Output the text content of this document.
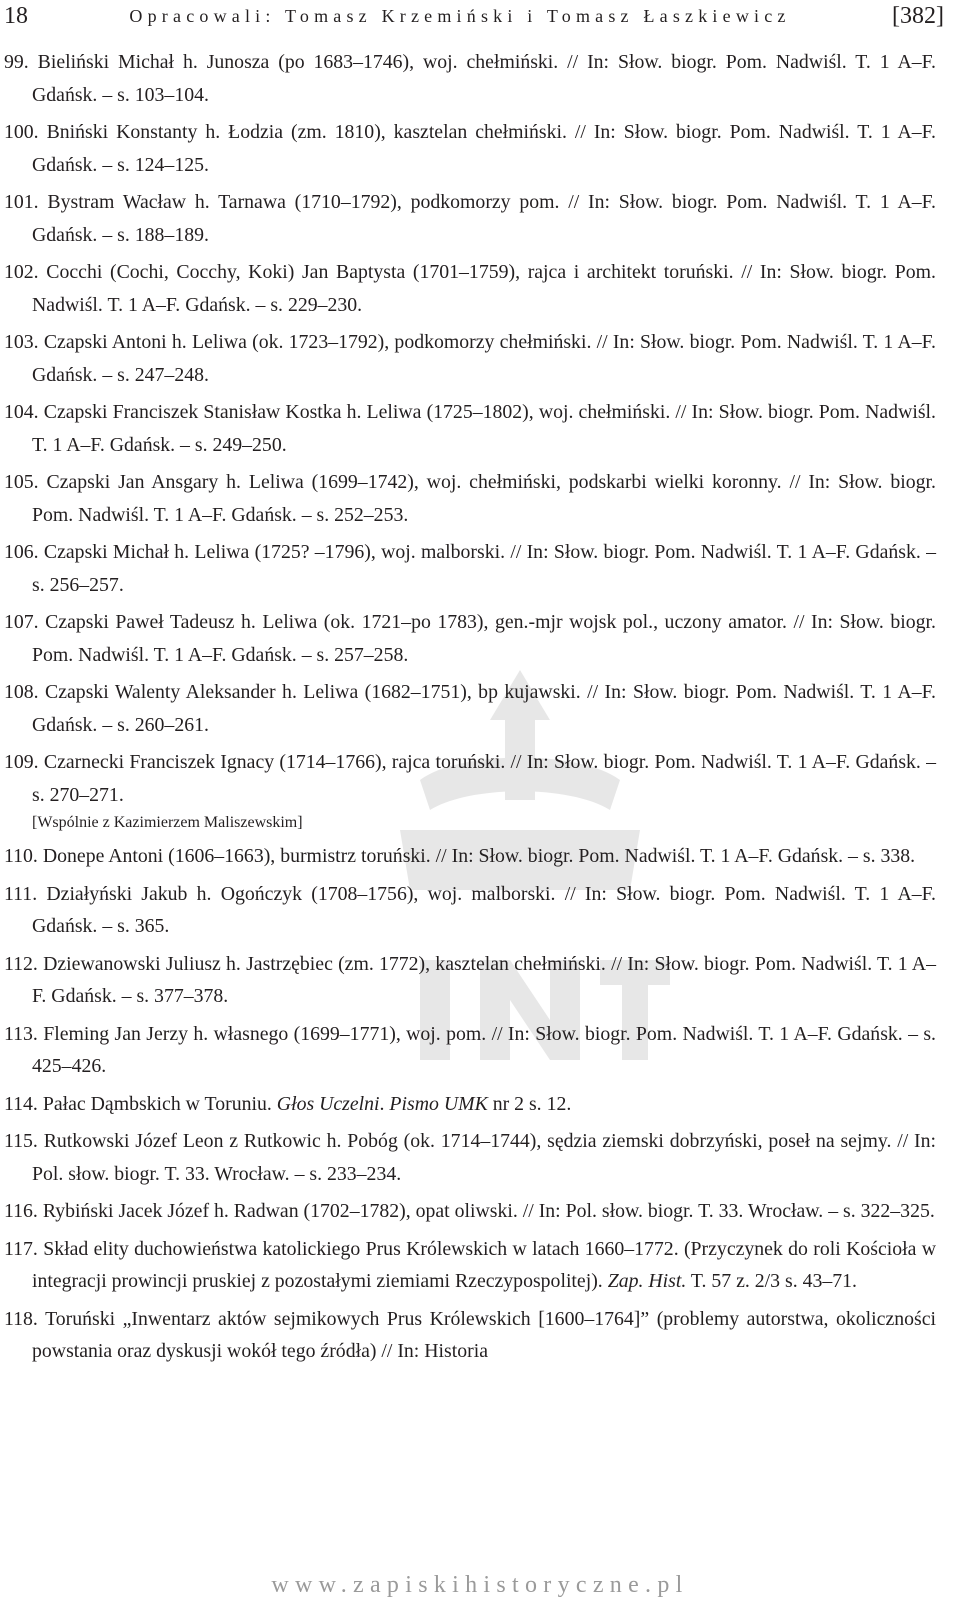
18	Opracowali: Tomasz Krzemiński i Tomasz Łaszkiewicz	[382]
99. Bieliński Michał h. Junosza (po 1683–1746), woj. chełmiński. // In: Słow. biogr. Pom. Nadwiśl. T. 1 A–F. Gdańsk. – s. 103–104.
100. Bniński Konstanty h. Łodzia (zm. 1810), kasztelan chełmiński. // In: Słow. biogr. Pom. Nadwiśl. T. 1 A–F. Gdańsk. – s. 124–125.
101. Bystram Wacław h. Tarnawa (1710–1792), podkomorzy pom. // In: Słow. biogr. Pom. Nadwiśl. T. 1 A–F. Gdańsk. – s. 188–189.
102. Cocchi (Cochi, Cocchy, Koki) Jan Baptysta (1701–1759), rajca i architekt toruński. // In: Słow. biogr. Pom. Nadwiśl. T. 1 A–F. Gdańsk. – s. 229–230.
103. Czapski Antoni h. Leliwa (ok. 1723–1792), podkomorzy chełmiński. // In: Słow. biogr. Pom. Nadwiśl. T. 1 A–F. Gdańsk. – s. 247–248.
104. Czapski Franciszek Stanisław Kostka h. Leliwa (1725–1802), woj. chełmiński. // In: Słow. biogr. Pom. Nadwiśl. T. 1 A–F. Gdańsk. – s. 249–250.
105. Czapski Jan Ansgary h. Leliwa (1699–1742), woj. chełmiński, podskarbi wielki koronny. // In: Słow. biogr. Pom. Nadwiśl. T. 1 A–F. Gdańsk. – s. 252–253.
106. Czapski Michał h. Leliwa (1725? –1796), woj. malborski. // In: Słow. biogr. Pom. Nadwiśl. T. 1 A–F. Gdańsk. – s. 256–257.
107. Czapski Paweł Tadeusz h. Leliwa (ok. 1721–po 1783), gen.-mjr wojsk pol., uczony amator. // In: Słow. biogr. Pom. Nadwiśl. T. 1 A–F. Gdańsk. – s. 257–258.
108. Czapski Walenty Aleksander h. Leliwa (1682–1751), bp kujawski. // In: Słow. biogr. Pom. Nadwiśl. T. 1 A–F. Gdańsk. – s. 260–261.
109. Czarnecki Franciszek Ignacy (1714–1766), rajca toruński. // In: Słow. biogr. Pom. Nadwiśl. T. 1 A–F. Gdańsk. – s. 270–271.
[Wspólnie z Kazimierzem Maliszewskim]
110. Donepe Antoni (1606–1663), burmistrz toruński. // In: Słow. biogr. Pom. Nadwiśl. T. 1 A–F. Gdańsk. – s. 338.
111. Działyński Jakub h. Ogończyk (1708–1756), woj. malborski. // In: Słow. biogr. Pom. Nadwiśl. T. 1 A–F. Gdańsk. – s. 365.
112. Dziewanowski Juliusz h. Jastrzębiec (zm. 1772), kasztelan chełmiński. // In: Słow. biogr. Pom. Nadwiśl. T. 1 A–F. Gdańsk. – s. 377–378.
113. Fleming Jan Jerzy h. własnego (1699–1771), woj. pom. // In: Słow. biogr. Pom. Nadwiśl. T. 1 A–F. Gdańsk. – s. 425–426.
114. Pałac Dąmbskich w Toruniu. Głos Uczelni. Pismo UMK nr 2 s. 12.
115. Rutkowski Józef Leon z Rutkowic h. Pobóg (ok. 1714–1744), sędzia ziemski dobrzyński, poseł na sejmy. // In: Pol. słow. biogr. T. 33. Wrocław. – s. 233–234.
116. Rybiński Jacek Józef h. Radwan (1702–1782), opat oliwski. // In: Pol. słow. biogr. T. 33. Wrocław. – s. 322–325.
117. Skład elity duchowieństwa katolickiego Prus Królewskich w latach 1660–1772. (Przyczynek do roli Kościoła w integracji prowincji pruskiej z pozostałymi ziemiami Rzeczypospolitej). Zap. Hist. T. 57 z. 2/3 s. 43–71.
118. Toruński „Inwentarz aktów sejmikowych Prus Królewskich [1600–1764]” (problemy autorstwa, okoliczności powstania oraz dyskusji wokół tego źródła) // In: Historia
www.zapiskihistoryczne.pl
